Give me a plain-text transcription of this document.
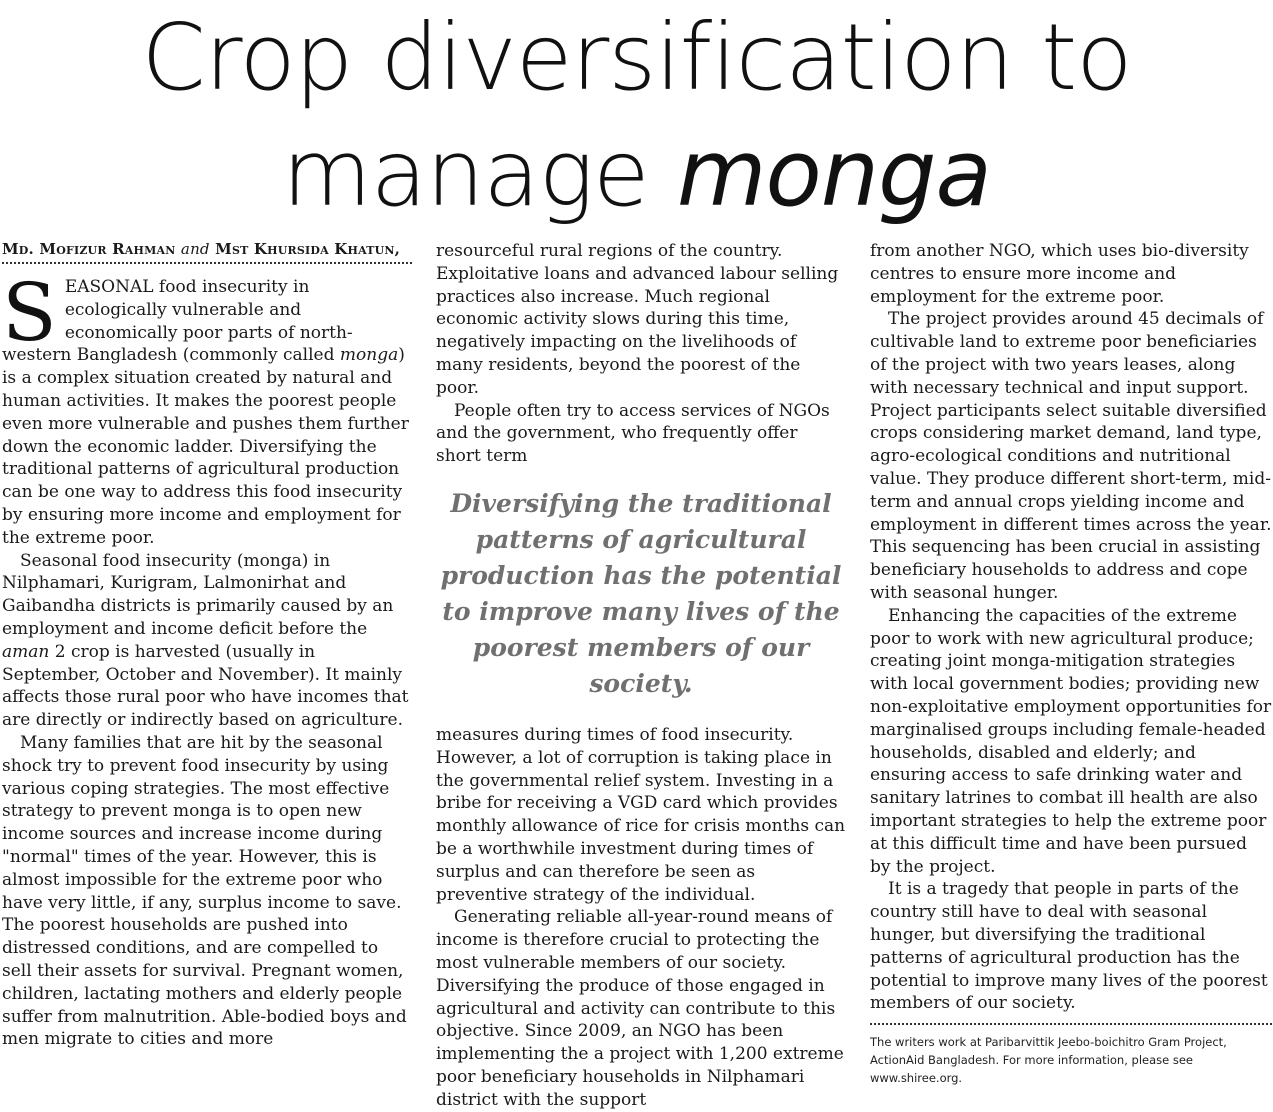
Crop diversification to
manage monga
Md. Mofizur Rahman and Mst Khursida Khatun,

SEASONAL food insecurity in ecologically vulnerable and economically poor parts of north-western Bangladesh (commonly called monga) is a complex situation created by natural and human activities. It makes the poorest people even more vulnerable and pushes them further down the economic ladder. Diversifying the traditional patterns of agricultural production can be one way to address this food insecurity by ensuring more income and employment for the extreme poor.

Seasonal food insecurity (monga) in Nilphamari, Kurigram, Lalmonirhat and Gaibandha districts is primarily caused by an employment and income deficit before the aman 2 crop is harvested (usually in September, October and November). It mainly affects those rural poor who have incomes that are directly or indirectly based on agriculture.

Many families that are hit by the seasonal shock try to prevent food insecurity by using various coping strategies. The most effective strategy to prevent monga is to open new income sources and increase income during "normal" times of the year. However, this is almost impossible for the extreme poor who have very little, if any, surplus income to save. The poorest households are pushed into distressed conditions, and are compelled to sell their assets for survival. Pregnant women, children, lactating mothers and elderly people suffer from malnutrition. Able-bodied boys and men migrate to cities and more

resourceful rural regions of the country. Exploitative loans and advanced labour selling practices also increase. Much regional economic activity slows during this time, negatively impacting on the livelihoods of many residents, beyond the poorest of the poor.

People often try to access services of NGOs and the government, who frequently offer short term

Diversifying the traditional patterns of agricultural production has the potential to improve many lives of the poorest members of our society.

measures during times of food insecurity. However, a lot of corruption is taking place in the governmental relief system. Investing in a bribe for receiving a VGD card which provides monthly allowance of rice for crisis months can be a worthwhile investment during times of surplus and can therefore be seen as preventive strategy of the individual.

Generating reliable all-year-round means of income is therefore crucial to protecting the most vulnerable members of our society. Diversifying the produce of those engaged in agricultural and activity can contribute to this objective. Since 2009, an NGO has been implementing the a project with 1,200 extreme poor beneficiary households in Nilphamari district with the support

from another NGO, which uses bio-diversity centres to ensure more income and employment for the extreme poor.

The project provides around 45 decimals of cultivable land to extreme poor beneficiaries of the project with two years leases, along with necessary technical and input support. Project participants select suitable diversified crops considering market demand, land type, agro-ecological conditions and nutritional value. They produce different short-term, mid-term and annual crops yielding income and employment in different times across the year. This sequencing has been crucial in assisting beneficiary households to address and cope with seasonal hunger.

Enhancing the capacities of the extreme poor to work with new agricultural produce; creating joint monga-mitigation strategies with local government bodies; providing new non-exploitative employment opportunities for marginalised groups including female-headed households, disabled and elderly; and ensuring access to safe drinking water and sanitary latrines to combat ill health are also important strategies to help the extreme poor at this difficult time and have been pursued by the project.

It is a tragedy that people in parts of the country still have to deal with seasonal hunger, but diversifying the traditional patterns of agricultural production has the potential to improve many lives of the poorest members of our society.

The writers work at Paribarvittik Jeebo-boichitro Gram Project, ActionAid Bangladesh. For more information, please see www.shiree.org.
